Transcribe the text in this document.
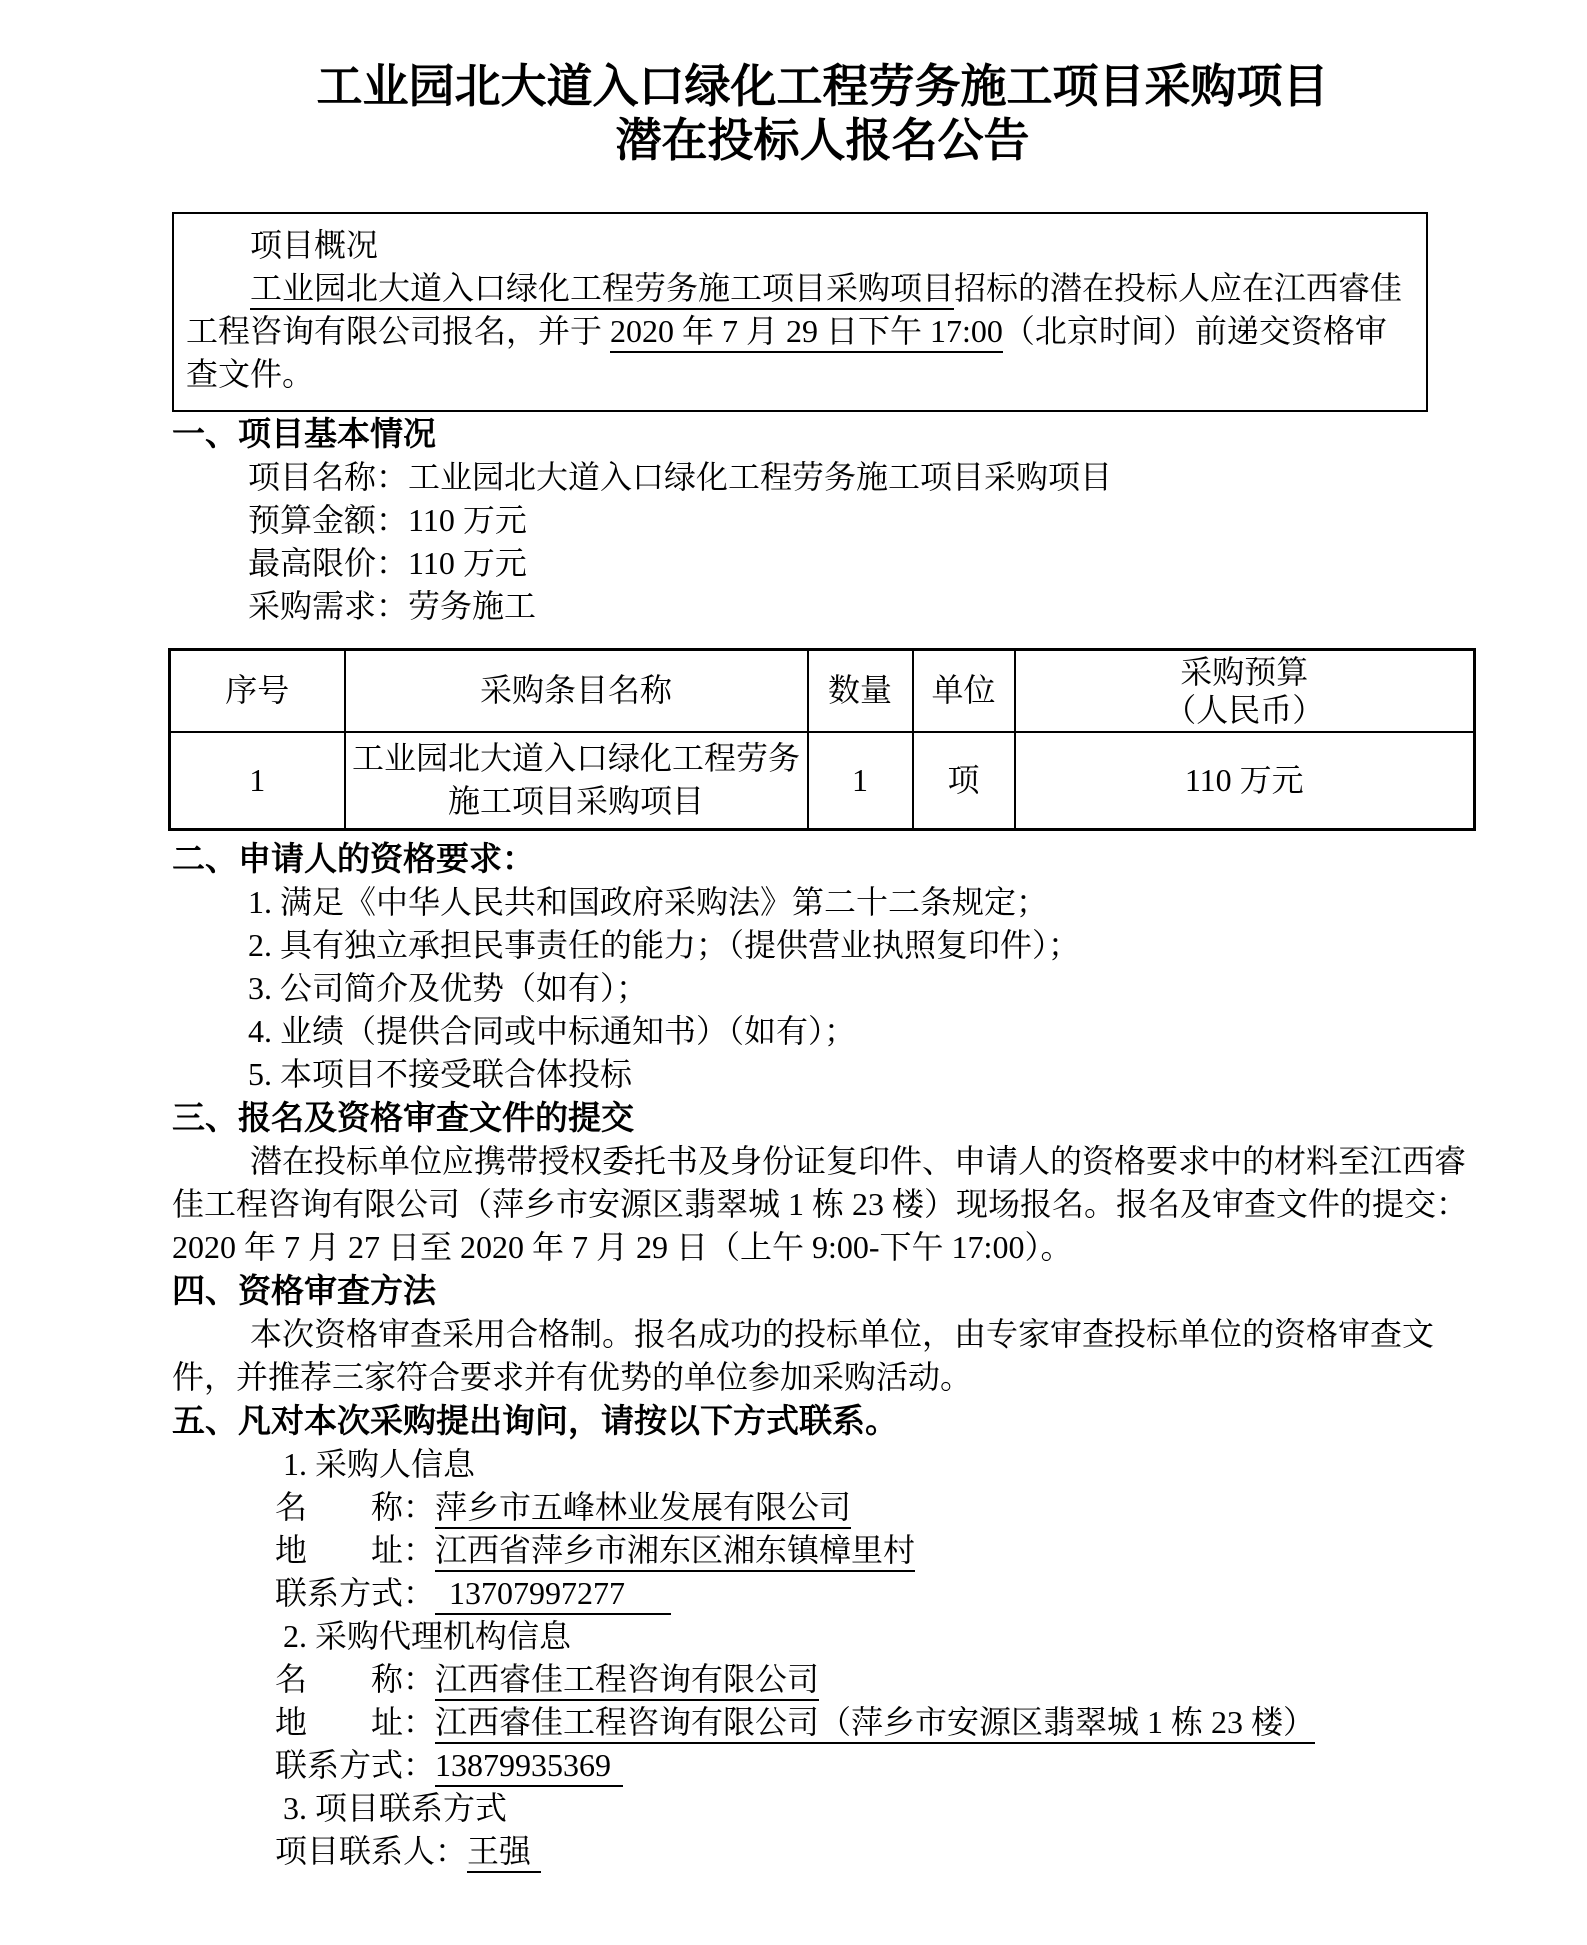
工业园北大道入口绿化工程劳务施工项目采购项目
潜在投标人报名公告
项目概况
工业园北大道入口绿化工程劳务施工项目采购项目招标的潜在投标人应在江西睿佳工程咨询有限公司报名，并于 2020 年 7 月 29 日下午 17:00（北京时间）前递交资格审查文件。
一、项目基本情况
项目名称：工业园北大道入口绿化工程劳务施工项目采购项目
预算金额：110 万元
最高限价：110 万元
采购需求：劳务施工
序号	采购条目名称	数量	单位	采购预算
（人民币）

1	工业园北大道入口绿化工程劳务施工项目采购项目	1	项	110 万元
二、申请人的资格要求：
1. 满足《中华人民共和国政府采购法》第二十二条规定；
2. 具有独立承担民事责任的能力；（提供营业执照复印件）；
3. 公司简介及优势（如有）；
4. 业绩（提供合同或中标通知书）（如有）；
5. 本项目不接受联合体投标
三、报名及资格审查文件的提交
潜在投标单位应携带授权委托书及身份证复印件、申请人的资格要求中的材料至江西睿佳工程咨询有限公司（萍乡市安源区翡翠城 1 栋 23 楼）现场报名。报名及审查文件的提交：2020 年 7 月 27 日至 2020 年 7 月 29 日（上午 9:00-下午 17:00）。
四、资格审查方法
本次资格审查采用合格制。报名成功的投标单位，由专家审查投标单位的资格审查文件，并推荐三家符合要求并有优势的单位参加采购活动。
五、凡对本次采购提出询问，请按以下方式联系。
1. 采购人信息
名　　称：萍乡市五峰林业发展有限公司
地　　址：江西省萍乡市湘东区湘东镇樟里村
联系方式： 13707997277
2. 采购代理机构信息
名　　称：江西睿佳工程咨询有限公司
地　　址：江西睿佳工程咨询有限公司（萍乡市安源区翡翠城 1 栋 23 楼）
联系方式：13879935369
3. 项目联系方式
项目联系人：王强
